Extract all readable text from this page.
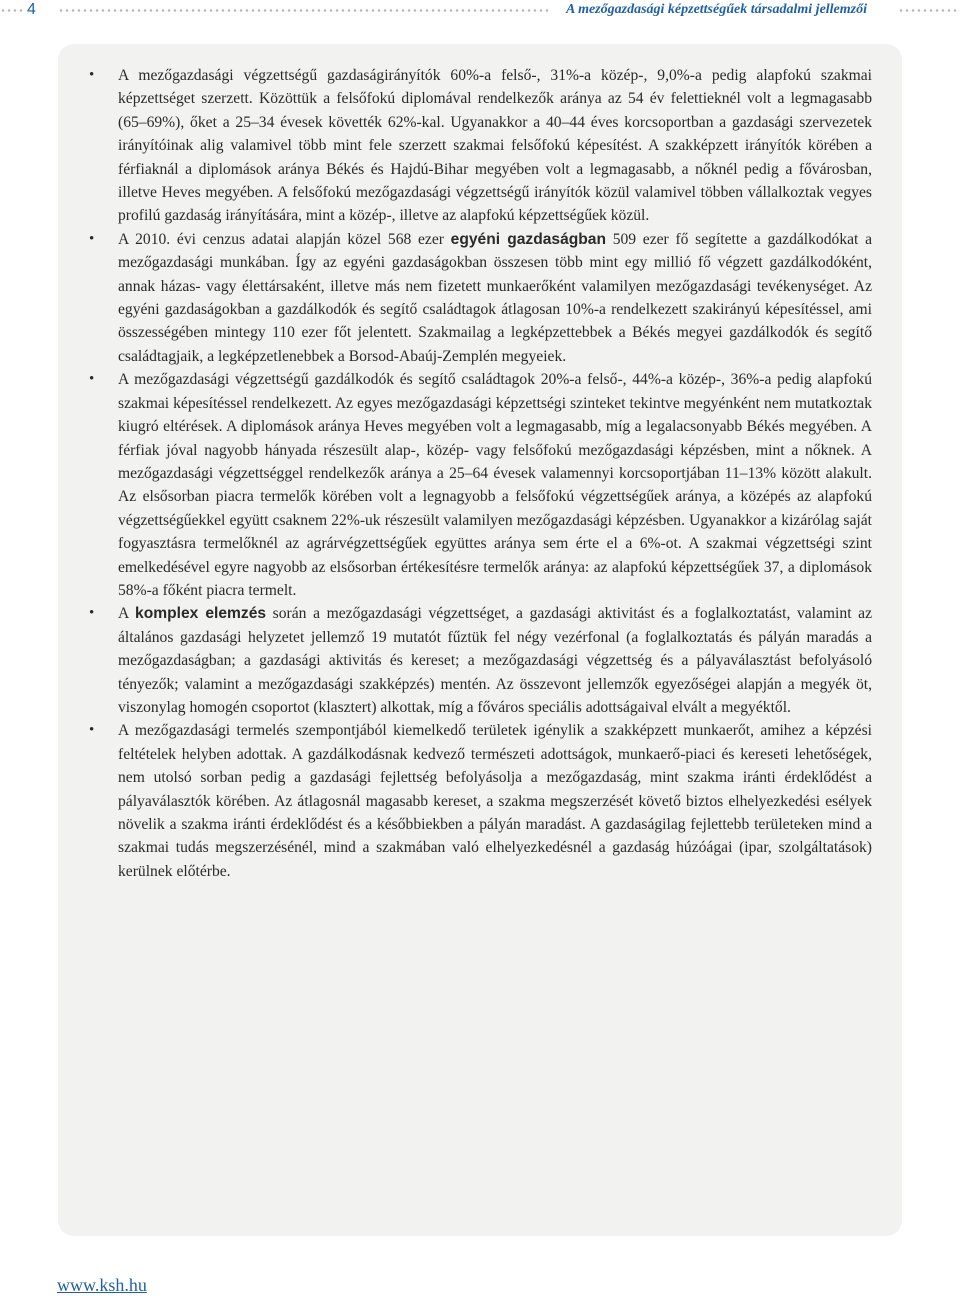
4	A mezőgazdasági képzettségűek társadalmi jellemzői
• A mezőgazdasági végzettségű gazdaságirányítók 60%-a felső-, 31%-a közép-, 9,0%-a pedig alapfokú szakmai képzettséget szerzett. Közöttük a felsőfokú diplomával rendelkezők aránya az 54 év felettieknél volt a legmagasabb (65–69%), őket a 25–34 évesek követték 62%-kal. Ugyanakkor a 40–44 éves korcsoportban a gazdasági szervezetek irányítóinak alig valamivel több mint fele szerzett szakmai felsőfokú képesítést. A szakképzett irányítók körében a férfiaknál a diplomások aránya Békés és Hajdú-Bihar megyében volt a legmagasabb, a nőknél pedig a fővárosban, illetve Heves megyében. A felsőfokú mezőgazdasági végzettségű irányítók közül valamivel többen vállalkoztak vegyes profilú gazdaság irányítására, mint a közép-, illetve az alapfokú képzettségűek közül.
• A 2010. évi cenzus adatai alapján közel 568 ezer egyéni gazdaságban 509 ezer fő segítette a gazdálkodókat a mezőgazdasági munkában. Így az egyéni gazdaságokban összesen több mint egy millió fő végzett gazdálkodóként, annak házas- vagy élettársaként, illetve más nem fizetett munkaerőként valamilyen mezőgazdasági tevékenységet. Az egyéni gazdaságokban a gazdálkodók és segítő családtagok átlagosan 10%-a rendelkezett szakirányú képesítéssel, ami összességében mintegy 110 ezer főt jelentett. Szakmailag a legképzettebbek a Békés megyei gazdálkodók és segítő családtagjaik, a legképzetlenebbek a Borsod-Abaúj-Zemplén megyeiek.
• A mezőgazdasági végzettségű gazdálkodók és segítő családtagok 20%-a felső-, 44%-a közép-, 36%-a pedig alapfokú szakmai képesítéssel rendelkezett. Az egyes mezőgazdasági képzettségi szinteket tekintve megyénként nem mutatkoztak kiugró eltérések. A diplomások aránya Heves megyében volt a legmagasabb, míg a legalacsonyabb Békés megyében. A férfiak jóval nagyobb hányada részesült alap-, közép- vagy felsőfokú mezőgazdasági képzésben, mint a nőknek. A mezőgazdasági végzettséggel rendelkezők aránya a 25–64 évesek valamennyi korcsoportjában 11–13% között alakult. Az elsősorban piacra termelők körében volt a legnagyobb a felsőfokú végzettségűek aránya, a középés az alapfokú végzettségűekkel együtt csaknem 22%-uk részesült valamilyen mezőgazdasági képzésben. Ugyanakkor a kizárólag saját fogyasztásra termelőknél az agrárvégzettségűek együttes aránya sem érte el a 6%-ot. A szakmai végzettségi szint emelkedésével egyre nagyobb az elsősorban értékesítésre termelők aránya: az alapfokú képzettségűek 37, a diplomások 58%-a főként piacra termelt.
• A komplex elemzés során a mezőgazdasági végzettséget, a gazdasági aktivitást és a foglalkoztatást, valamint az általános gazdasági helyzetet jellemző 19 mutatót fűztük fel négy vezérfonal (a foglalkoztatás és pályán maradás a mezőgazdaságban; a gazdasági aktivitás és kereset; a mezőgazdasági végzettség és a pályaválasztást befolyásoló tényezők; valamint a mezőgazdasági szakképzés) mentén. Az összevont jellemzők egyezőségei alapján a megyék öt, viszonylag homogén csoportot (klasztert) alkottak, míg a főváros speciális adottságaival elvált a megyéktől.
• A mezőgazdasági termelés szempontjából kiemelkedő területek igénylik a szakképzett munkaerőt, amihez a képzési feltételek helyben adottak. A gazdálkodásnak kedvező természeti adottságok, munkaerő-piaci és kereseti lehetőségek, nem utolsó sorban pedig a gazdasági fejlettség befolyásolja a mezőgazdaság, mint szakma iránti érdeklődést a pályaválasztók körében. Az átlagosnál magasabb kereset, a szakma megszerzését követő biztos elhelyezkedési esélyek növelik a szakma iránti érdeklődést és a későbbiekben a pályán maradást. A gazdaságilag fejlettebb területeken mind a szakmai tudás megszerzésénél, mind a szakmában való elhelyezkedésnél a gazdaság húzóágai (ipar, szolgáltatások) kerülnek előtérbe.
www.ksh.hu
